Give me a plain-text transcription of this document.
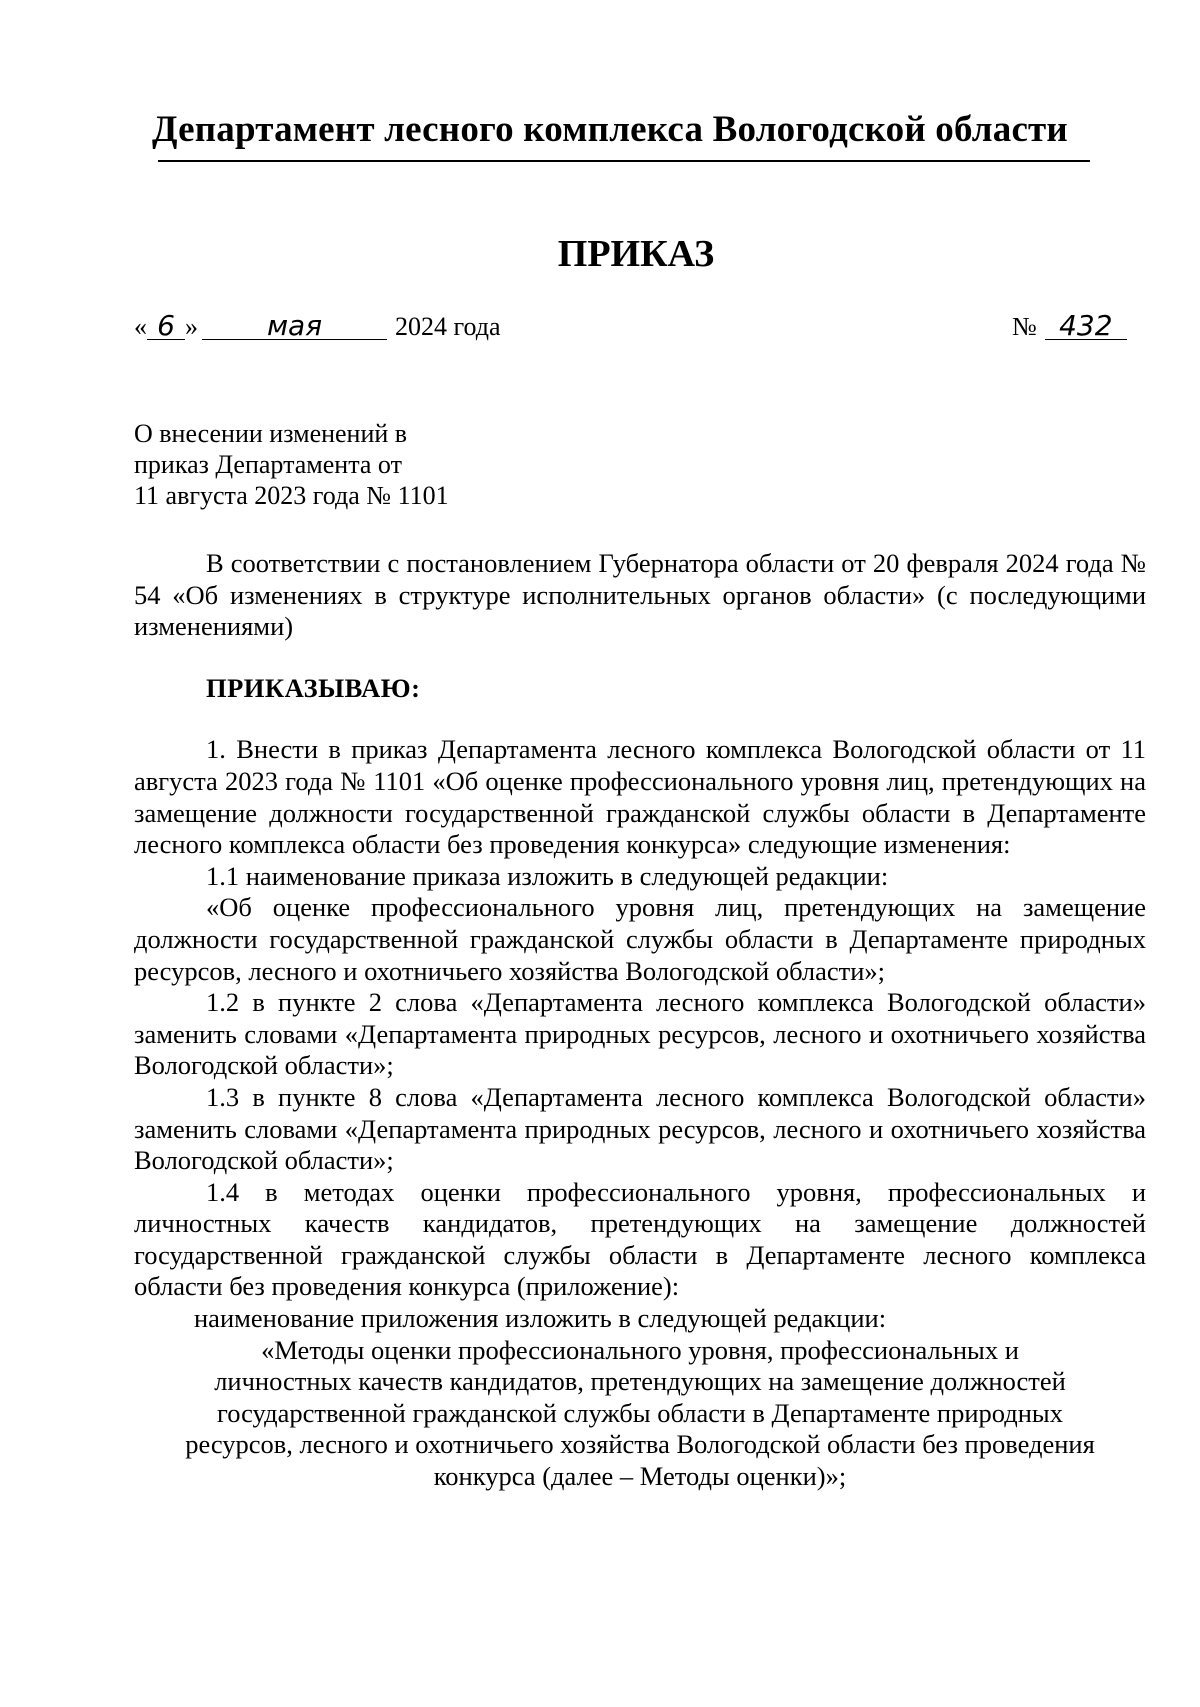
Департамент лесного комплекса Вологодской области
ПРИКАЗ
« 6 » мая	2024 года	№ 432
О внесении изменений в
приказ Департамента от
11 августа 2023 года № 1101

В соответствии с постановлением Губернатора области от 20 февраля 2024 года № 54 «Об изменениях в структуре исполнительных органов области» (с последующими изменениями)

ПРИКАЗЫВАЮ:

1. Внести в приказ Департамента лесного комплекса Вологодской области от 11 августа 2023 года № 1101 «Об оценке профессионального уровня лиц, претендующих на замещение должности государственной гражданской службы области в Департаменте лесного комплекса области без проведения конкурса» следующие изменения:

1.1 наименование приказа изложить в следующей редакции:

«Об оценке профессионального уровня лиц, претендующих на замещение должности государственной гражданской службы области в Департаменте природных ресурсов, лесного и охотничьего хозяйства Вологодской области»;

1.2 в пункте 2 слова «Департамента лесного комплекса Вологодской области» заменить словами «Департамента природных ресурсов, лесного и охотничьего хозяйства Вологодской области»;

1.3 в пункте 8 слова «Департамента лесного комплекса Вологодской области» заменить словами «Департамента природных ресурсов, лесного и охотничьего хозяйства Вологодской области»;

1.4 в методах оценки профессионального уровня, профессиональных и личностных качеств кандидатов, претендующих на замещение должностей государственной гражданской службы области в Департаменте лесного комплекса области без проведения конкурса (приложение):

наименование приложения изложить в следующей редакции:

«Методы оценки профессионального уровня, профессиональных и

личностных качеств кандидатов, претендующих на замещение должностей

государственной гражданской службы области в Департаменте природных

ресурсов, лесного и охотничьего хозяйства Вологодской области без проведения

конкурса (далее – Методы оценки)»;
